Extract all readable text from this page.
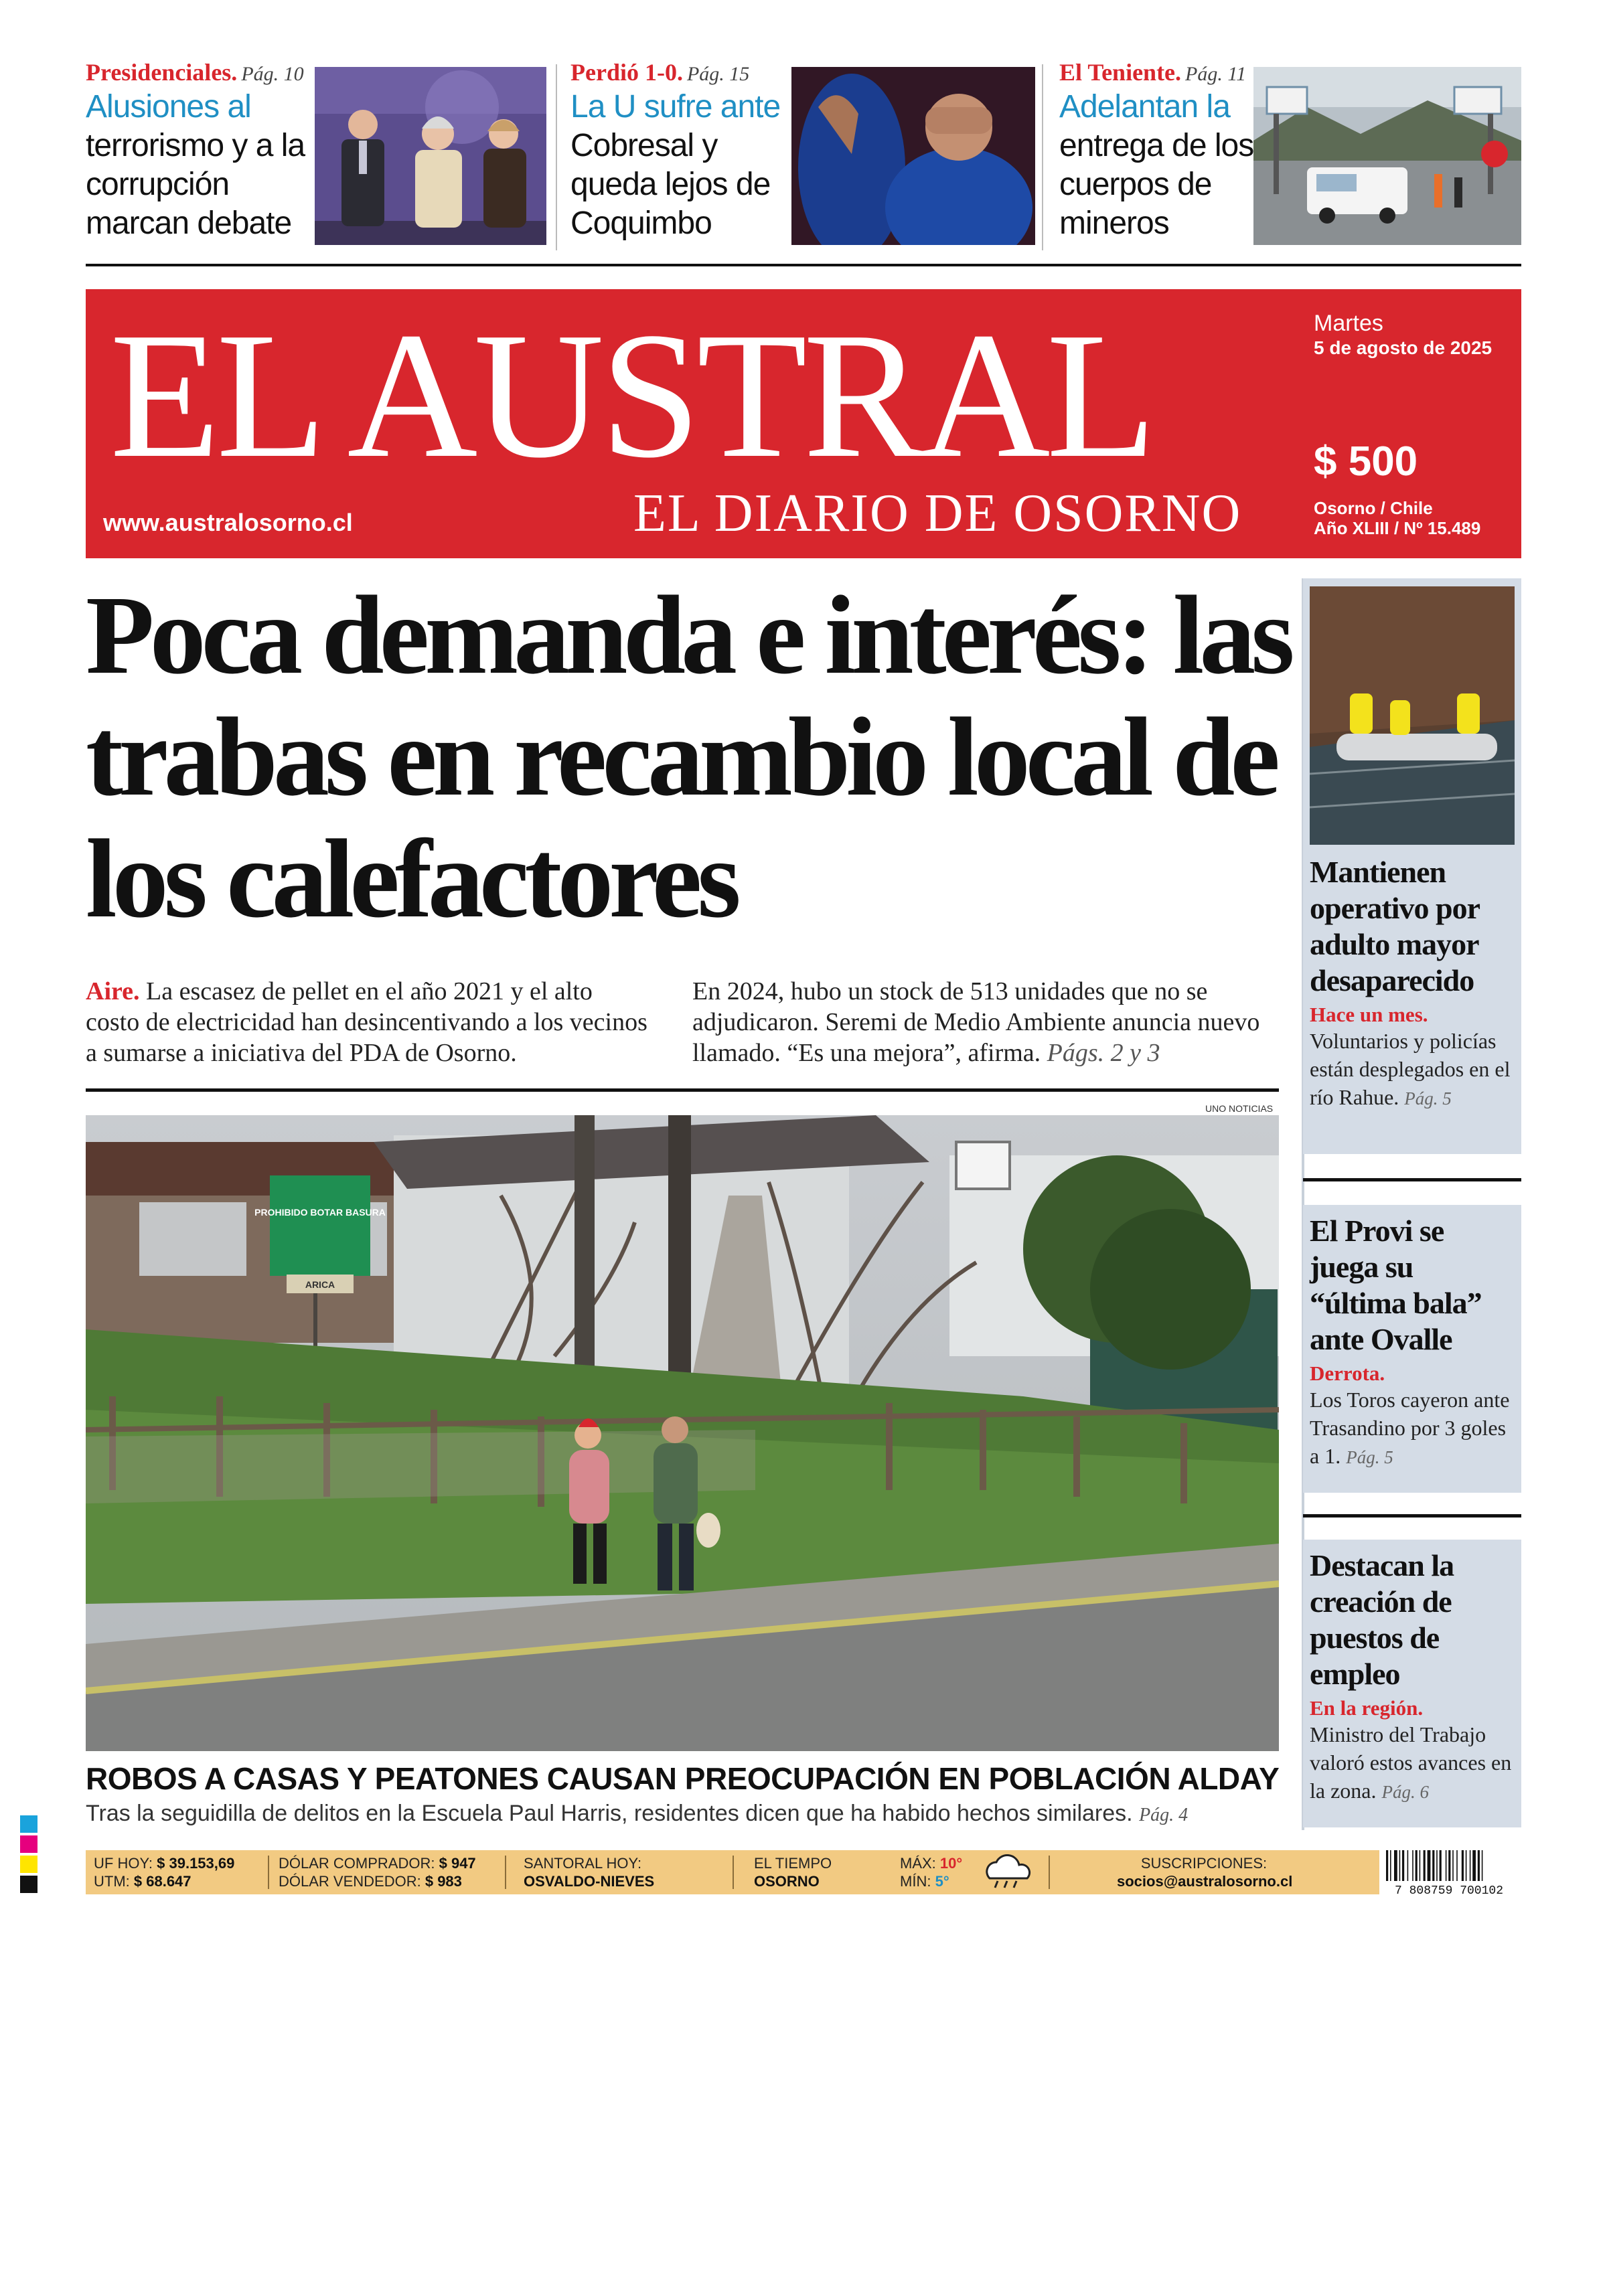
Presidenciales. Pág. 10
Alusiones al
terrorismo y a la corrupción marcan debate
Perdió 1-0. Pág. 15
La U sufre ante
Cobresal y queda lejos de Coquimbo
El Teniente. Pág. 11
Adelantan la
entrega de los cuerpos de mineros
EL AUSTRAL
EL DIARIO DE OSORNO
www.australosorno.cl
Martes
5 de agosto de 2025
$ 500
Osorno / Chile
Año XLIII / Nº 15.489
Poca demanda e interés: las trabas en recambio local de los calefactores
Aire. La escasez de pellet en el año 2021 y el alto costo de electricidad han desincentivando a los vecinos a sumarse a iniciativa del PDA de Osorno.
En 2024, hubo un stock de 513 unidades que no se adjudicaron. Seremi de Medio Ambiente anuncia nuevo llamado. “Es una mejora”, afirma. Págs. 2 y 3
UNO NOTICIAS
PROHIBIDO BOTAR BASURA
ARICA
ROBOS A CASAS Y PEATONES CAUSAN PREOCUPACIÓN EN POBLACIÓN ALDAY
Tras la seguidilla de delitos en la Escuela Paul Harris, residentes dicen que ha habido hechos similares. Pág. 4
Mantienen operativo por adulto mayor desaparecido
Hace un mes.
Voluntarios y policías están desplegados en el río Rahue. Pág. 5
El Provi se juega su “última bala” ante Ovalle
Derrota.
Los Toros cayeron ante Trasandino por 3 goles a 1. Pág. 5
Destacan la creación de puestos de empleo
En la región.
Ministro del Trabajo valoró estos avances en la zona. Pág. 6
UF HOY: $ 39.153,69
UTM: $ 68.647
DÓLAR COMPRADOR: $ 947
DÓLAR VENDEDOR: $ 983
SANTORAL HOY:
OSVALDO-NIEVES
EL TIEMPO
OSORNO
MÁX: 10°
MÍN: 5°
SUSCRIPCIONES:
socios@australosorno.cl
7 808759 700102
